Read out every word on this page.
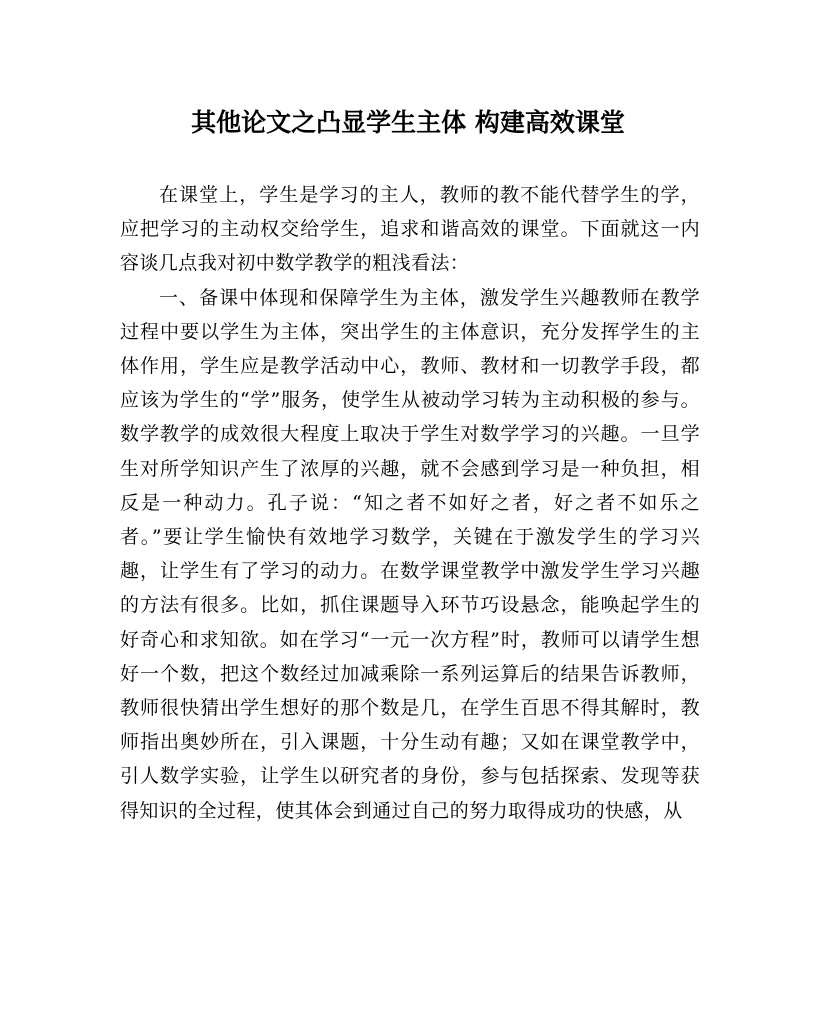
其他论文之凸显学生主体 构建高效课堂

在课堂上，学生是学习的主人，教师的教不能代替学生的学，应把学习的主动权交给学生，追求和谐高效的课堂。下面就这一内容谈几点我对初中数学教学的粗浅看法：

一、备课中体现和保障学生为主体，激发学生兴趣教师在教学过程中要以学生为主体，突出学生的主体意识，充分发挥学生的主体作用，学生应是教学活动中心，教师、教材和一切教学手段，都应该为学生的“学”服务，使学生从被动学习转为主动积极的参与。数学教学的成效很大程度上取决于学生对数学学习的兴趣。一旦学生对所学知识产生了浓厚的兴趣，就不会感到学习是一种负担，相反是一种动力。孔子说：“知之者不如好之者，好之者不如乐之者。”要让学生愉快有效地学习数学，关键在于激发学生的学习兴趣，让学生有了学习的动力。在数学课堂教学中激发学生学习兴趣的方法有很多。比如，抓住课题导入环节巧设悬念，能唤起学生的好奇心和求知欲。如在学习“一元一次方程”时，教师可以请学生想好一个数，把这个数经过加减乘除一系列运算后的结果告诉教师，教师很快猜出学生想好的那个数是几，在学生百思不得其解时，教师指出奥妙所在，引入课题，十分生动有趣；又如在课堂教学中，引人数学实验，让学生以研究者的身份，参与包括探索、发现等获得知识的全过程，使其体会到通过自己的努力取得成功的快感，从
